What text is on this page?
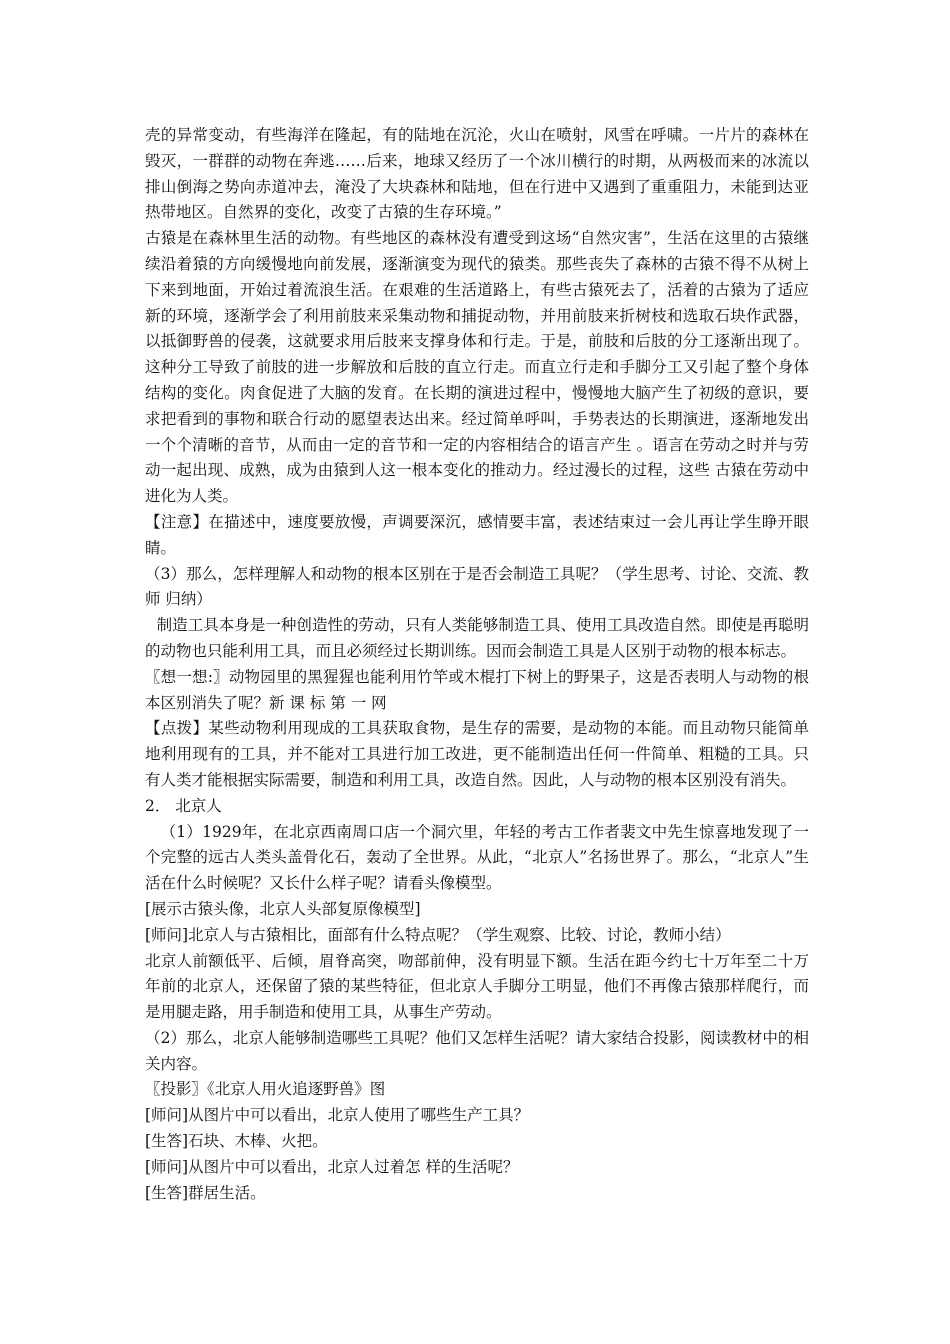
壳的异常变动，有些海洋在隆起，有的陆地在沉沦，火山在喷射，风雪在呼啸。一片片的森林在毁灭，一群群的动物在奔逃……后来，地球又经历了一个冰川横行的时期，从两极而来的冰流以排山倒海之势向赤道冲去，淹没了大块森林和陆地，但在行进中又遇到了重重阻力，未能到达亚热带地区。自然界的变化，改变了古猿的生存环境。”

古猿是在森林里生活的动物。有些地区的森林没有遭受到这场“自然灾害”，生活在这里的古猿继续沿着猿的方向缓慢地向前发展，逐渐演变为现代的猿类。那些丧失了森林的古猿不得不从树上下来到地面，开始过着流浪生活。在艰难的生活道路上，有些古猿死去了，活着的古猿为了适应新的环境，逐渐学会了利用前肢来采集动物和捕捉动物，并用前肢来折树枝和选取石块作武器，以抵御野兽的侵袭，这就要求用后肢来支撑身体和行走。于是，前肢和后肢的分工逐渐出现了。这种分工导致了前肢的进一步解放和后肢的直立行走。而直立行走和手脚分工又引起了整个身体结构的变化。肉食促进了大脑的发育。在长期的演进过程中，慢慢地大脑产生了初级的意识，要求把看到的事物和联合行动的愿望表达出来。经过简单呼叫，手势表达的长期演进，逐渐地发出一个个清晰的音节，从而由一定的音节和一定的内容相结合的语言产生 。语言在劳动之时并与劳动一起出现、成熟，成为由猿到人这一根本变化的推动力。经过漫长的过程，这些 古猿在劳动中进化为人类。

【注意】在描述中，速度要放慢，声调要深沉，感情要丰富，表述结束过一会儿再让学生睁开眼睛。

（3）那么，怎样理解人和动物的根本区别在于是否会制造工具呢？（学生思考、讨论、交流、教师 归纳）

制造工具本身是一种创造性的劳动，只有人类能够制造工具、使用工具改造自然。即使是再聪明的动物也只能利用工具，而且必须经过长期训练。因而会制造工具是人区别于动物的根本标志。

〖想一想:〗动物园里的黑猩猩也能利用竹竿或木棍打下树上的野果子，这是否表明人与动物的根本区别消失了呢？新 课 标 第 一 网

【点拨】某些动物利用现成的工具获取食物，是生存的需要，是动物的本能。而且动物只能简单地利用现有的工具，并不能对工具进行加工改进，更不能制造出任何一件简单、粗糙的工具。只有人类才能根据实际需要，制造和利用工具，改造自然。因此，人与动物的根本区别没有消失。

2． 北京人

（1）1929年，在北京西南周口店一个洞穴里，年轻的考古工作者裴文中先生惊喜地发现了一个完整的远古人类头盖骨化石，轰动了全世界。从此，“北京人”名扬世界了。那么，“北京人”生活在什么时候呢？又长什么样子呢？请看头像模型。

[展示古猿头像，北京人头部复原像模型]

[师问]北京人与古猿相比，面部有什么特点呢？（学生观察、比较、讨论，教师小结）

北京人前额低平、后倾，眉脊高突，吻部前伸，没有明显下额。生活在距今约七十万年至二十万年前的北京人，还保留了猿的某些特征，但北京人手脚分工明显，他们不再像古猿那样爬行，而是用腿走路，用手制造和使用工具，从事生产劳动。

（2）那么，北京人能够制造哪些工具呢？他们又怎样生活呢？请大家结合投影，阅读教材中的相关内容。

〖投影〗《北京人用火追逐野兽》图

[师问]从图片中可以看出，北京人使用了哪些生产工具？

[生答]石块、木棒、火把。

[师问]从图片中可以看出，北京人过着怎 样的生活呢？

[生答]群居生活。
